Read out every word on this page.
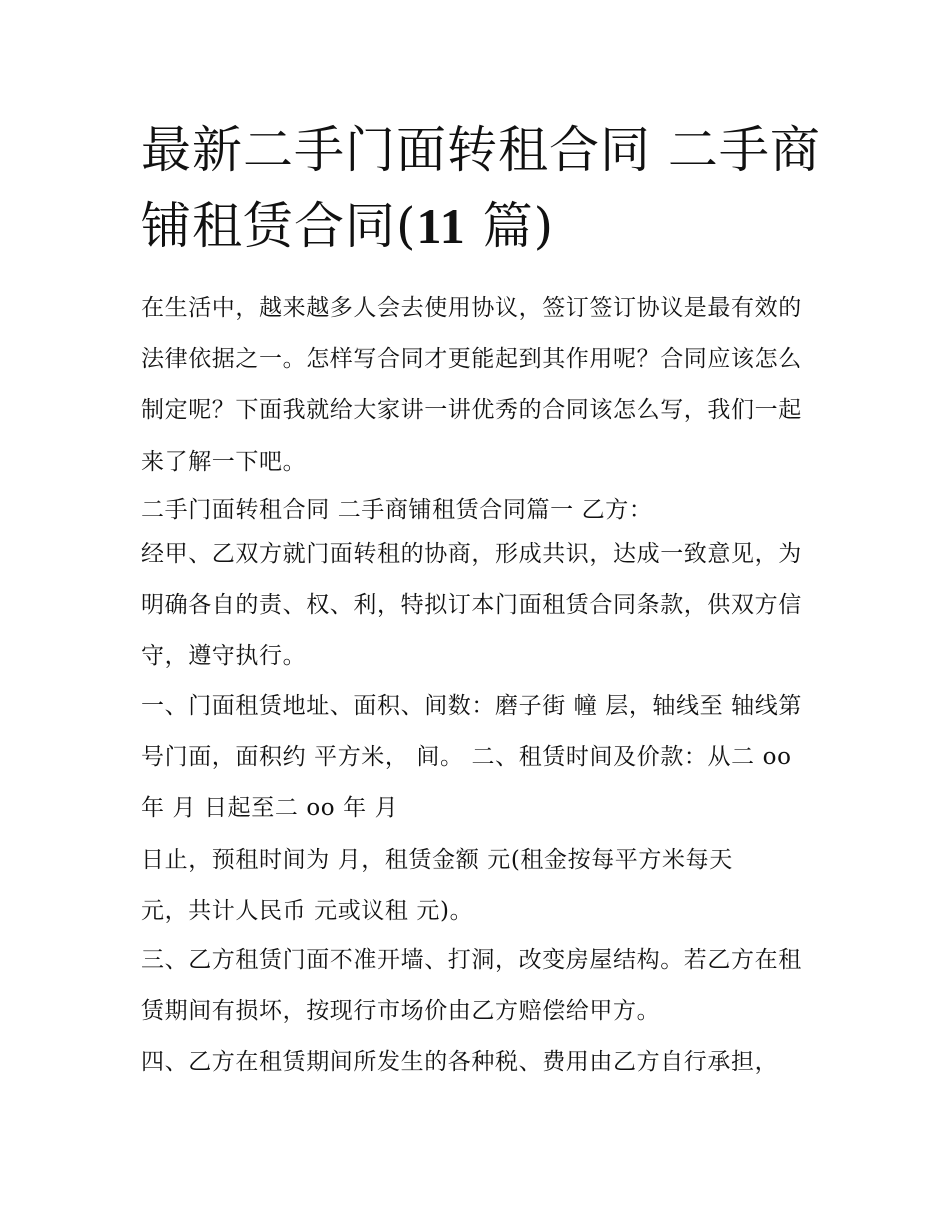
最新二手门面转租合同 二手商铺租赁合同(11 篇)

在生活中，越来越多人会去使用协议，签订签订协议是最有效的法律依据之一。怎样写合同才更能起到其作用呢？合同应该怎么制定呢？下面我就给大家讲一讲优秀的合同该怎么写，我们一起来了解一下吧。

二手门面转租合同 二手商铺租赁合同篇一 乙方：

经甲、乙双方就门面转租的协商，形成共识，达成一致意见，为明确各自的责、权、利，特拟订本门面租赁合同条款，供双方信守，遵守执行。

一、门面租赁地址、面积、间数：磨子街 幢 层，轴线至 轴线第 号门面，面积约 平方米， 间。 二、租赁时间及价款：从二 oo 年 月 日起至二 oo 年 月

日止，预租时间为 月，租赁金额 元(租金按每平方米每天 元，共计人民币 元或议租 元)。

三、乙方租赁门面不准开墙、打洞，改变房屋结构。若乙方在租赁期间有损坏，按现行市场价由乙方赔偿给甲方。

四、乙方在租赁期间所发生的各种税、费用由乙方自行承担，
